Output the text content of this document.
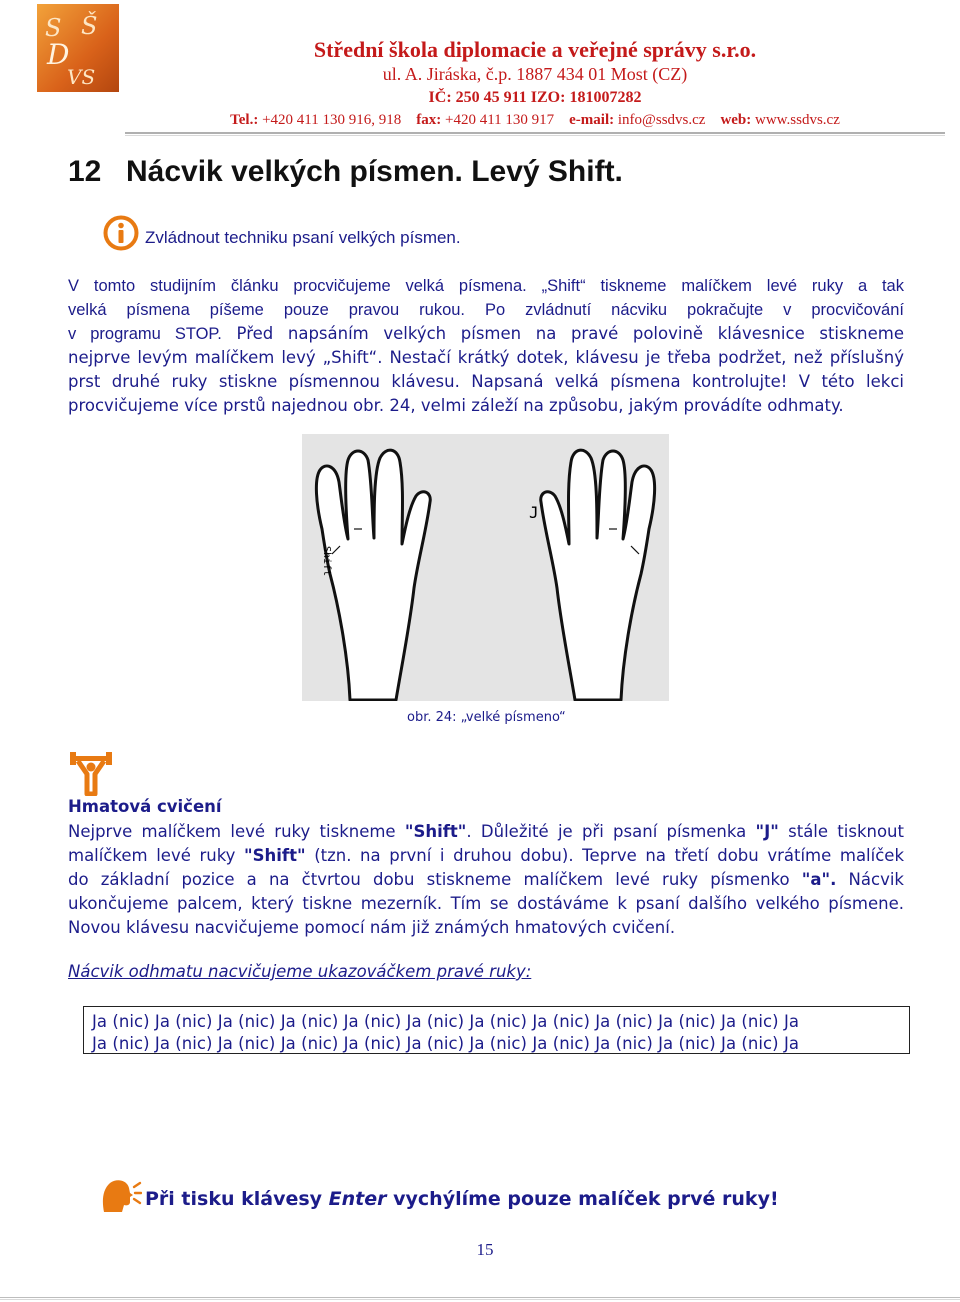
S Š
D
VS
Střední škola diplomacie a veřejné správy s.r.o.
ul. A. Jiráska, č.p. 1887 434 01 Most (CZ)
IČ: 250 45 911 IZO: 181007282
Tel.: +420 411 130 916, 918 fax: +420 411 130 917 e-mail: info@ssdvs.cz web: www.ssdvs.cz
12 Nácvik velkých písmen. Levý Shift.
Zvládnout techniku psaní velkých písmen.
V tomto studijním článku procvičujeme velká písmena. „Shift“ tiskneme malíčkem levé ruky a tak
velká písmena píšeme pouze pravou rukou. Po zvládnutí nácviku pokračujte v procvičování
v programu STOP. Před napsáním velkých písmen na pravé polovině klávesnice stiskneme
nejprve levým malíčkem levý „Shift“. Nestačí krátký dotek, klávesu je třeba podržet, než příslušný
prst druhé ruky stiskne písmennou klávesu. Napsaná velká písmena kontrolujte! V této lekci
procvičujeme více prstů najednou obr. 24, velmi záleží na způsobu, jakým provádíte odhmaty.
Shift
J
obr. 24: „velké písmeno“
Hmatová cvičení
Nejprve malíčkem levé ruky tiskneme "Shift". Důležité je při psaní písmenka "J" stále tisknout
malíčkem levé ruky "Shift" (tzn. na první i druhou dobu). Teprve na třetí dobu vrátíme malíček
do základní pozice a na čtvrtou dobu stiskneme malíčkem levé ruky písmenko "a". Nácvik
ukončujeme palcem, který tiskne mezerník. Tím se dostáváme k psaní dalšího velkého písmene.
Novou klávesu nacvičujeme pomocí nám již známých hmatových cvičení.
Nácvik odhmatu nacvičujeme ukazováčkem pravé ruky:
Ja (nic) Ja (nic) Ja (nic) Ja (nic) Ja (nic) Ja (nic) Ja (nic) Ja (nic) Ja (nic) Ja (nic) Ja (nic) Ja
Ja (nic) Ja (nic) Ja (nic) Ja (nic) Ja (nic) Ja (nic) Ja (nic) Ja (nic) Ja (nic) Ja (nic) Ja (nic) Ja
Při tisku klávesy Enter vychýlíme pouze malíček prvé ruky!
15
